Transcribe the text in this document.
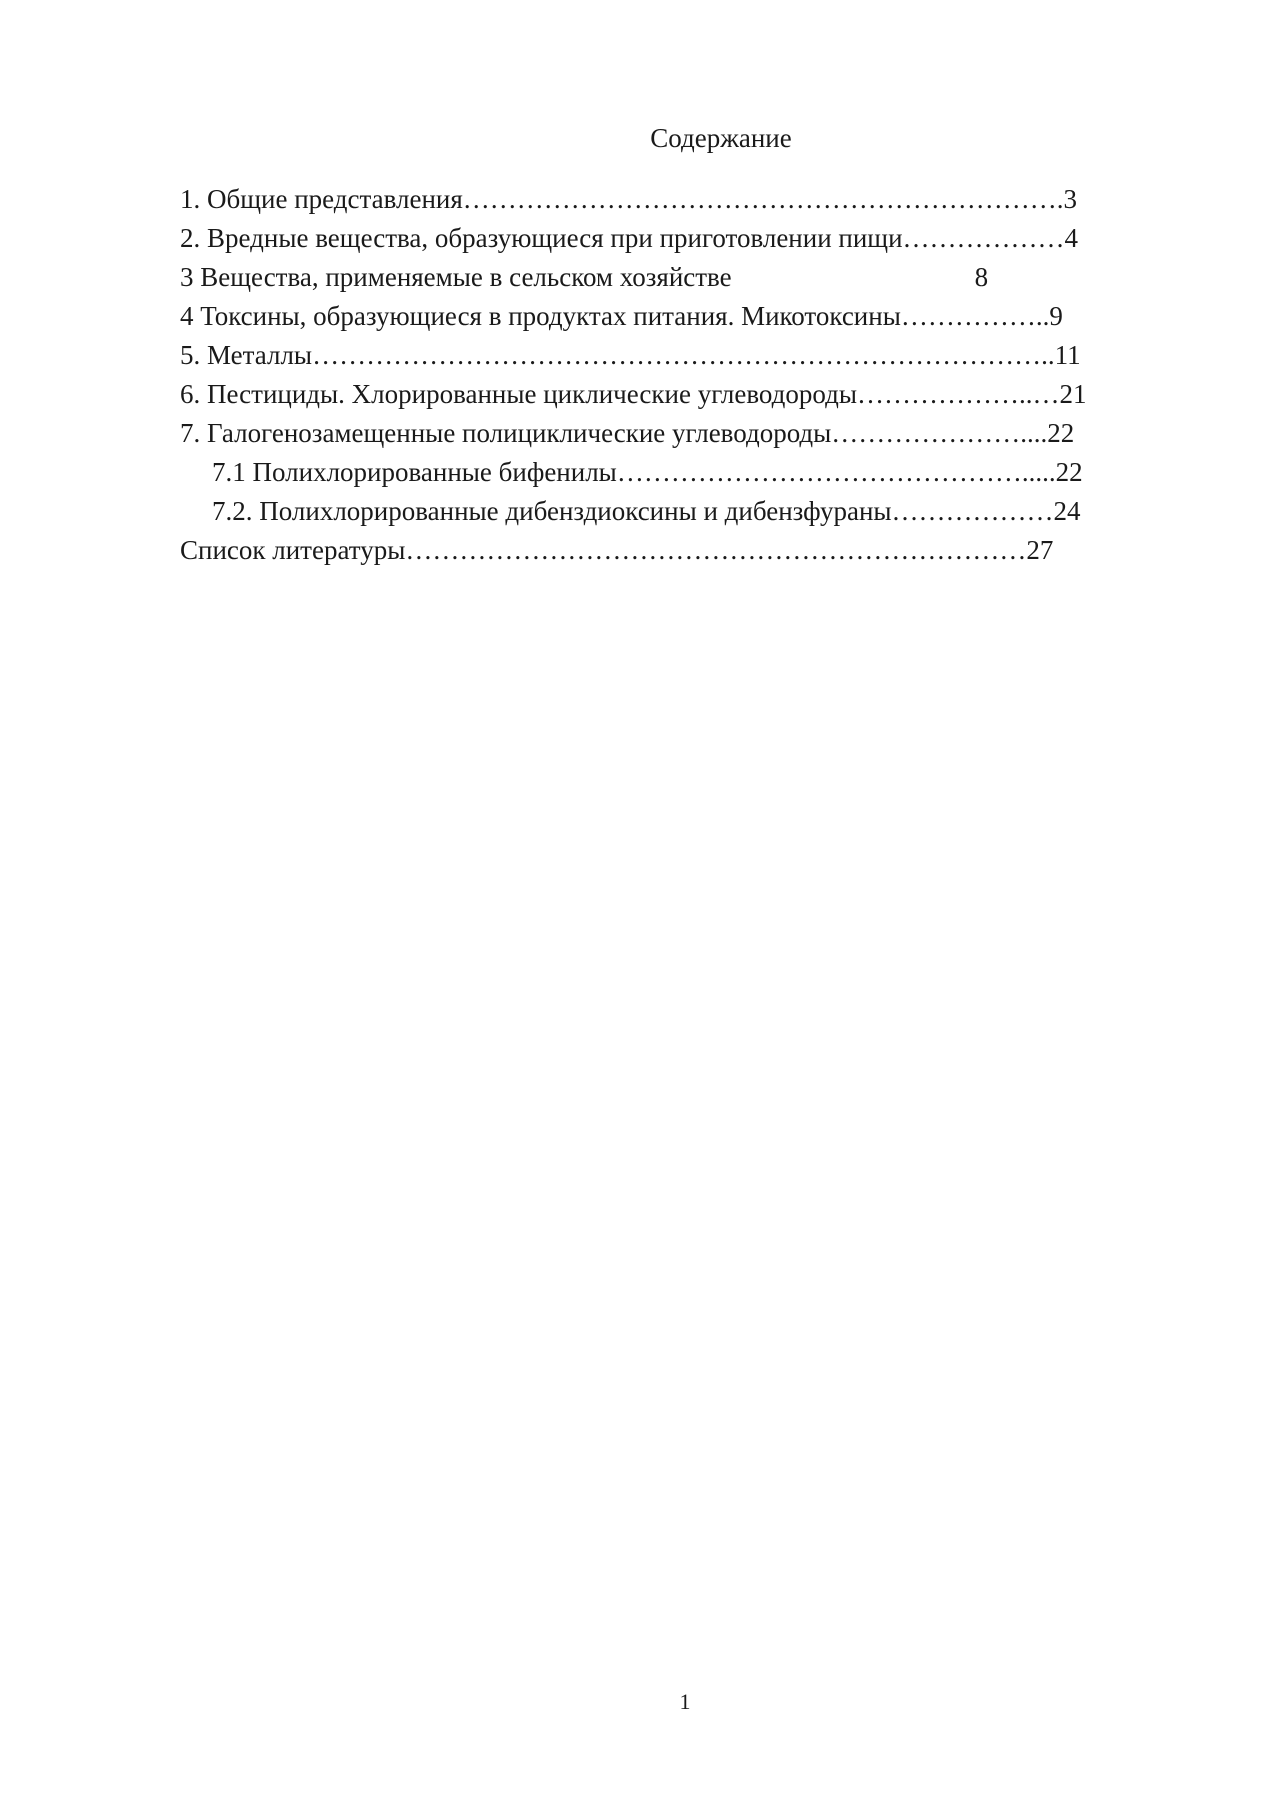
Содержание
1. Общие представления………………………………………………………….3
2. Вредные вещества, образующиеся при приготовлении пищи………………4
3 Вещества, применяемые в сельском хозяйстве                                    8
4 Токсины, образующиеся в продуктах питания. Микотоксины……………..9
5. Металлы………………………………………………………………………..11
6. Пестициды. Хлорированные циклические углеводороды………………..…21
7. Галогенозамещенные полициклические углеводороды…………………....22
7.1 Полихлорированные бифенилы……………………………………….....22
7.2. Полихлорированные дибенздиоксины и дибензфураны………………24
Список литературы……………………………………………………………27
1
